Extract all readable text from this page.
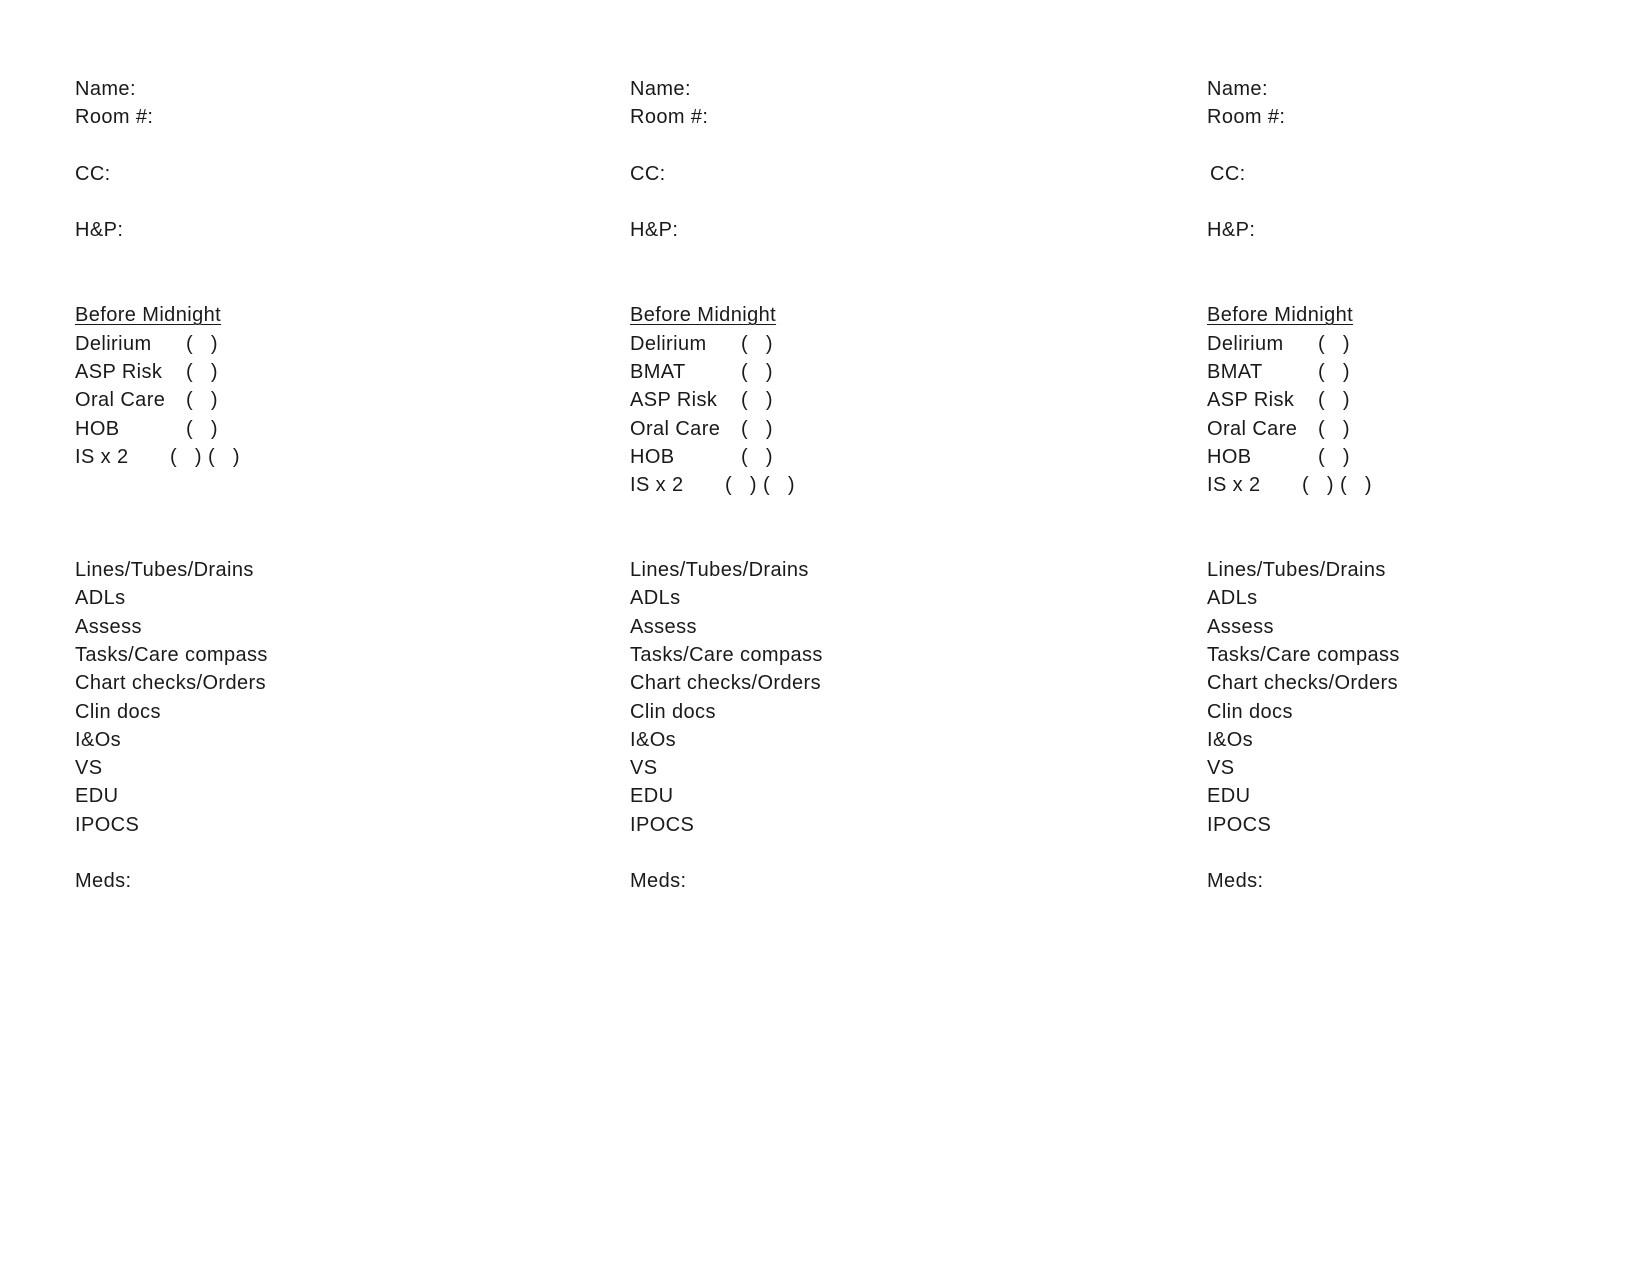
Name:
Room #:
CC:
H&P:
Before Midnight
Delirium	(   )
ASP Risk	(   )
Oral Care	(   )
HOB	(   )
IS x 2	(   ) (   )
Lines/Tubes/Drains
ADLs
Assess
Tasks/Care compass
Chart checks/Orders
Clin docs
I&Os
VS
EDU
IPOCS
Meds:
Name:
Room #:
CC:
H&P:
Before Midnight
Delirium	(   )
BMAT	(   )
ASP Risk	(   )
Oral Care	(   )
HOB	(   )
IS x 2	(   ) (   )
Lines/Tubes/Drains
ADLs
Assess
Tasks/Care compass
Chart checks/Orders
Clin docs
I&Os
VS
EDU
IPOCS
Meds:
Name:
Room #:
CC:
H&P:
Before Midnight
Delirium	(   )
BMAT	(   )
ASP Risk	(   )
Oral Care	(   )
HOB	(   )
IS x 2	(   ) (   )
Lines/Tubes/Drains
ADLs
Assess
Tasks/Care compass
Chart checks/Orders
Clin docs
I&Os
VS
EDU
IPOCS
Meds:
